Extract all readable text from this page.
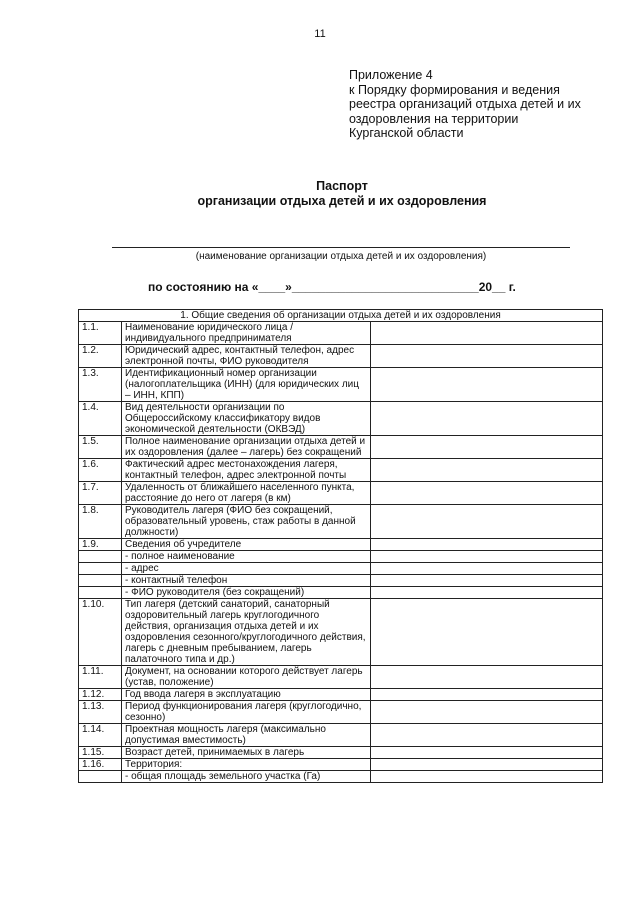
11
Приложение 4
к Порядку формирования и ведения
реестра организаций отдыха детей и их
оздоровления на территории
Курганской области
Паспорт
организации отдыха детей и их оздоровления
(наименование организации отдыха детей и их оздоровления)
по состоянию на «____»____________________________20__ г.
1. Общие сведения об организации отдыха детей и их оздоровления		
1.1.	Наименование юридического лица / индивидуального предпринимателя	
1.2.	Юридический адрес, контактный телефон, адрес электронной почты, ФИО руководителя	
1.3.	Идентификационный номер организации (налогоплательщика (ИНН) (для юридических лиц – ИНН, КПП)	
1.4.	Вид деятельности организации по Общероссийскому классификатору видов экономической деятельности (ОКВЭД)	
1.5.	Полное наименование организации отдыха детей и их оздоровления (далее – лагерь) без сокращений	
1.6.	Фактический адрес местонахождения лагеря, контактный телефон, адрес электронной почты	
1.7.	Удаленность от ближайшего населенного пункта, расстояние до него от лагеря (в км)	
1.8.	Руководитель лагеря (ФИО без сокращений, образовательный уровень, стаж работы в данной должности)	
1.9.	Сведения об учредителе	
	- полное наименование	
	- адрес	
	- контактный телефон	
	- ФИО руководителя (без сокращений)	
1.10.	Тип лагеря (детский санаторий, санаторный оздоровительный лагерь круглогодичного действия, организация отдыха детей и их оздоровления сезонного/круглогодичного действия, лагерь с дневным пребыванием, лагерь палаточного типа и др.)	
1.11.	Документ, на основании которого действует лагерь (устав, положение)	
1.12.	Год ввода лагеря в эксплуатацию	
1.13.	Период функционирования лагеря (круглогодично, сезонно)	
1.14.	Проектная мощность лагеря (максимально допустимая вместимость)	
1.15.	Возраст детей, принимаемых в лагерь	
1.16.	Территория:	
	- общая площадь земельного участка (Га)	
